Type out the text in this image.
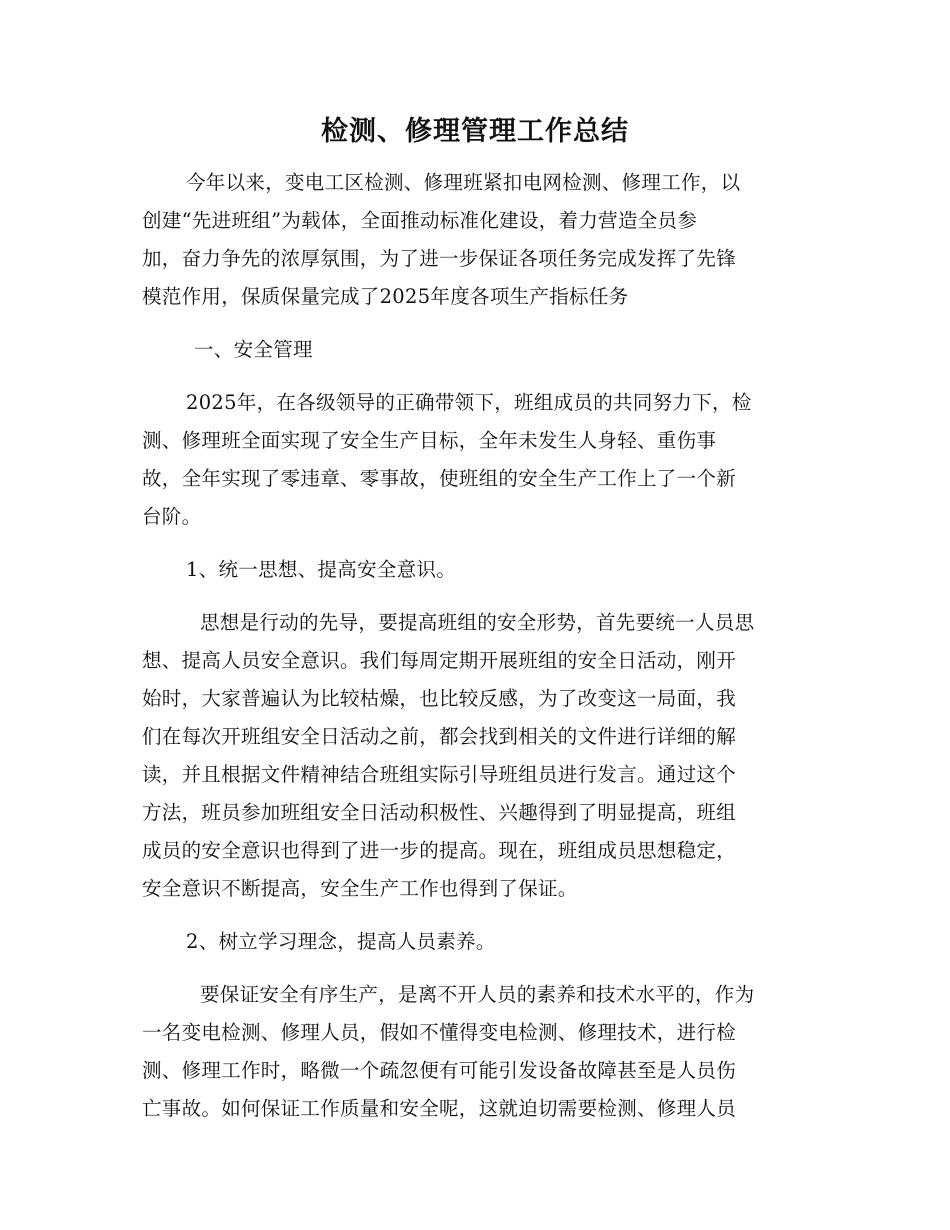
检测、修理管理工作总结
今年以来，变电工区检测、修理班紧扣电网检测、修理工作，以
创建“先进班组”为载体，全面推动标准化建设，着力营造全员参
加，奋力争先的浓厚氛围，为了进一步保证各项任务完成发挥了先锋
模范作用，保质保量完成了2025年度各项生产指标任务
一、安全管理
2025年，在各级领导的正确带领下，班组成员的共同努力下，检
测、修理班全面实现了安全生产目标，全年未发生人身轻、重伤事
故，全年实现了零违章、零事故，使班组的安全生产工作上了一个新
台阶。
1、统一思想、提高安全意识。
思想是行动的先导，要提高班组的安全形势，首先要统一人员思
想、提高人员安全意识。我们每周定期开展班组的安全日活动，刚开
始时，大家普遍认为比较枯燥，也比较反感，为了改变这一局面，我
们在每次开班组安全日活动之前，都会找到相关的文件进行详细的解
读，并且根据文件精神结合班组实际引导班组员进行发言。通过这个
方法，班员参加班组安全日活动积极性、兴趣得到了明显提高，班组
成员的安全意识也得到了进一步的提高。现在，班组成员思想稳定，
安全意识不断提高，安全生产工作也得到了保证。
2、树立学习理念，提高人员素养。
要保证安全有序生产，是离不开人员的素养和技术水平的，作为
一名变电检测、修理人员，假如不懂得变电检测、修理技术，进行检
测、修理工作时，略微一个疏忽便有可能引发设备故障甚至是人员伤
亡事故。如何保证工作质量和安全呢，这就迫切需要检测、修理人员
